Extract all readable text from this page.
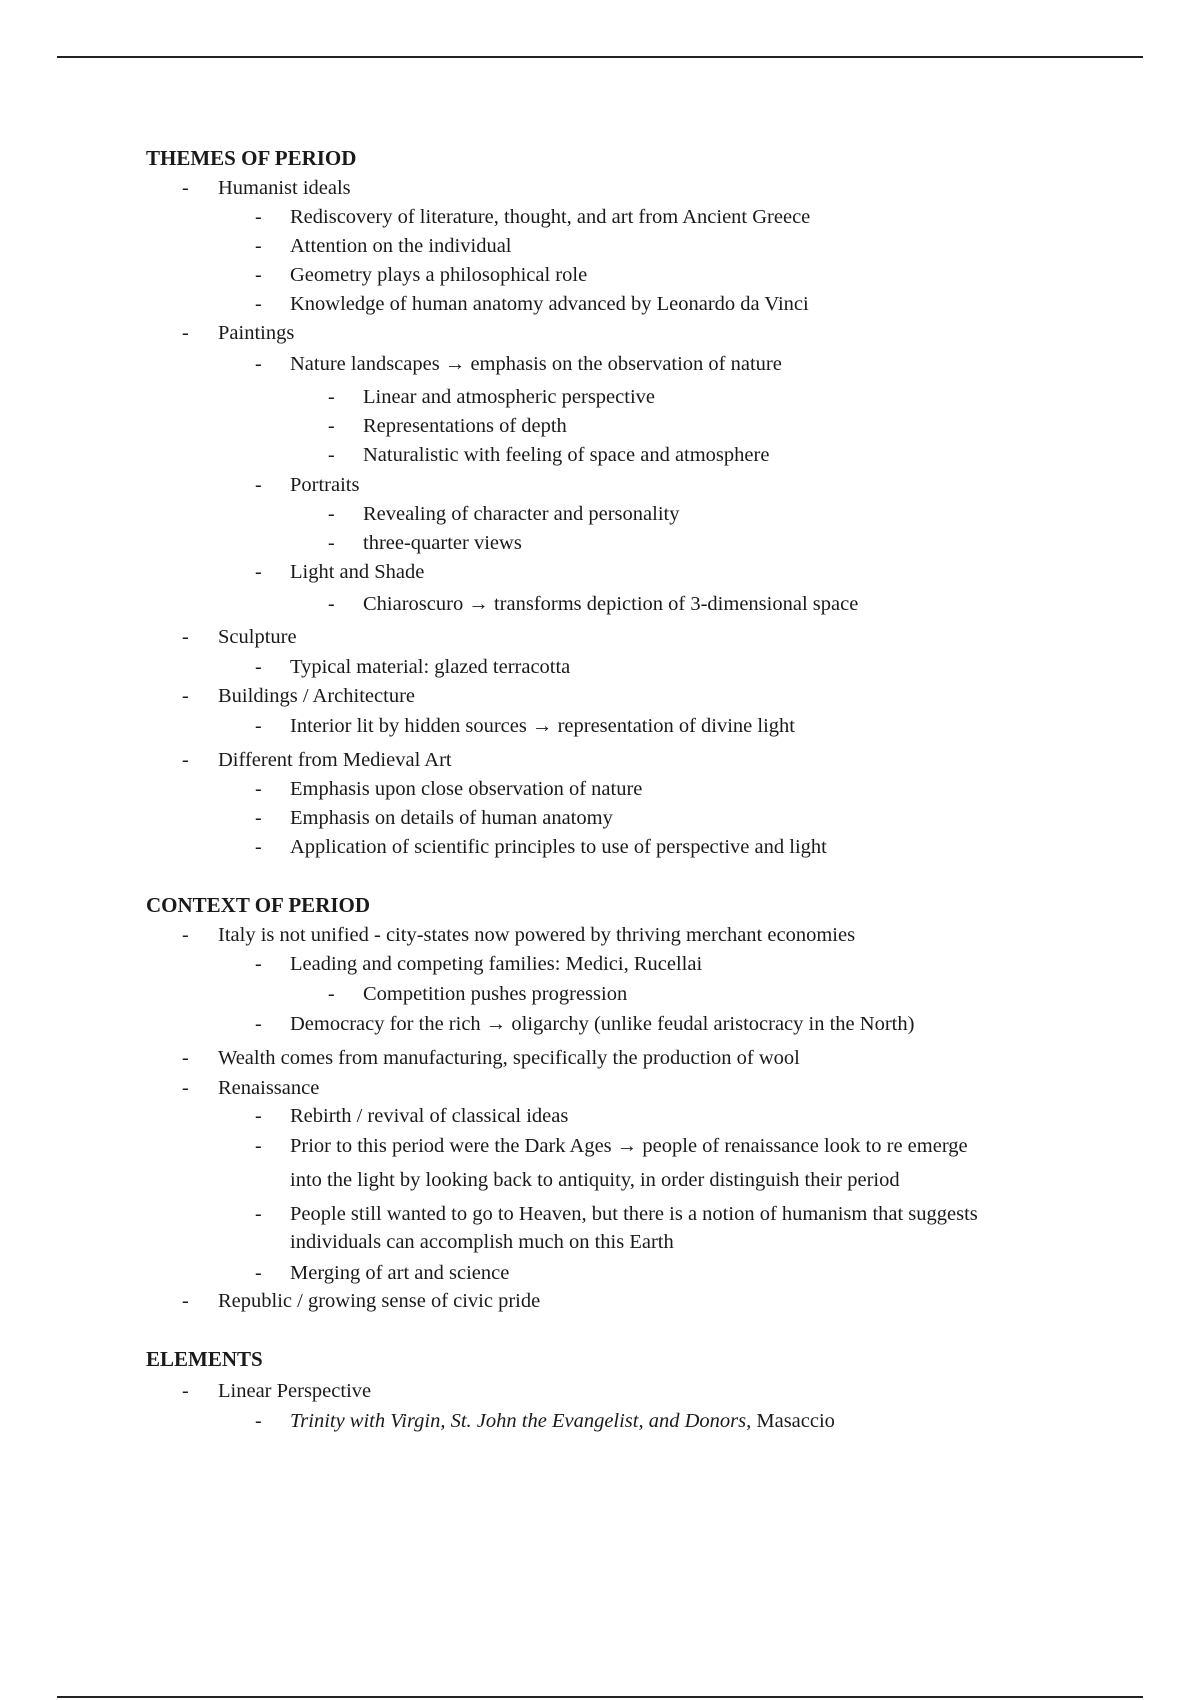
THEMES OF PERIOD
- Humanist ideals
- Rediscovery of literature, thought, and art from Ancient Greece
- Attention on the individual
- Geometry plays a philosophical role
- Knowledge of human anatomy advanced by Leonardo da Vinci
- Paintings
- Nature landscapes → emphasis on the observation of nature
- Linear and atmospheric perspective
- Representations of depth
- Naturalistic with feeling of space and atmosphere
- Portraits
- Revealing of character and personality
- three-quarter views
- Light and Shade
- Chiaroscuro → transforms depiction of 3-dimensional space
- Sculpture
- Typical material: glazed terracotta
- Buildings / Architecture
- Interior lit by hidden sources → representation of divine light
- Different from Medieval Art
- Emphasis upon close observation of nature
- Emphasis on details of human anatomy
- Application of scientific principles to use of perspective and light
CONTEXT OF PERIOD
- Italy is not unified - city-states now powered by thriving merchant economies
- Leading and competing families: Medici, Rucellai
- Competition pushes progression
- Democracy for the rich → oligarchy (unlike feudal aristocracy in the North)
- Wealth comes from manufacturing, specifically the production of wool
- Renaissance
- Rebirth / revival of classical ideas
- Prior to this period were the Dark Ages → people of renaissance look to re emerge
into the light by looking back to antiquity, in order distinguish their period
- People still wanted to go to Heaven, but there is a notion of humanism that suggests
individuals can accomplish much on this Earth
- Merging of art and science
- Republic / growing sense of civic pride
ELEMENTS
- Linear Perspective
- Trinity with Virgin, St. John the Evangelist, and Donors, Masaccio
